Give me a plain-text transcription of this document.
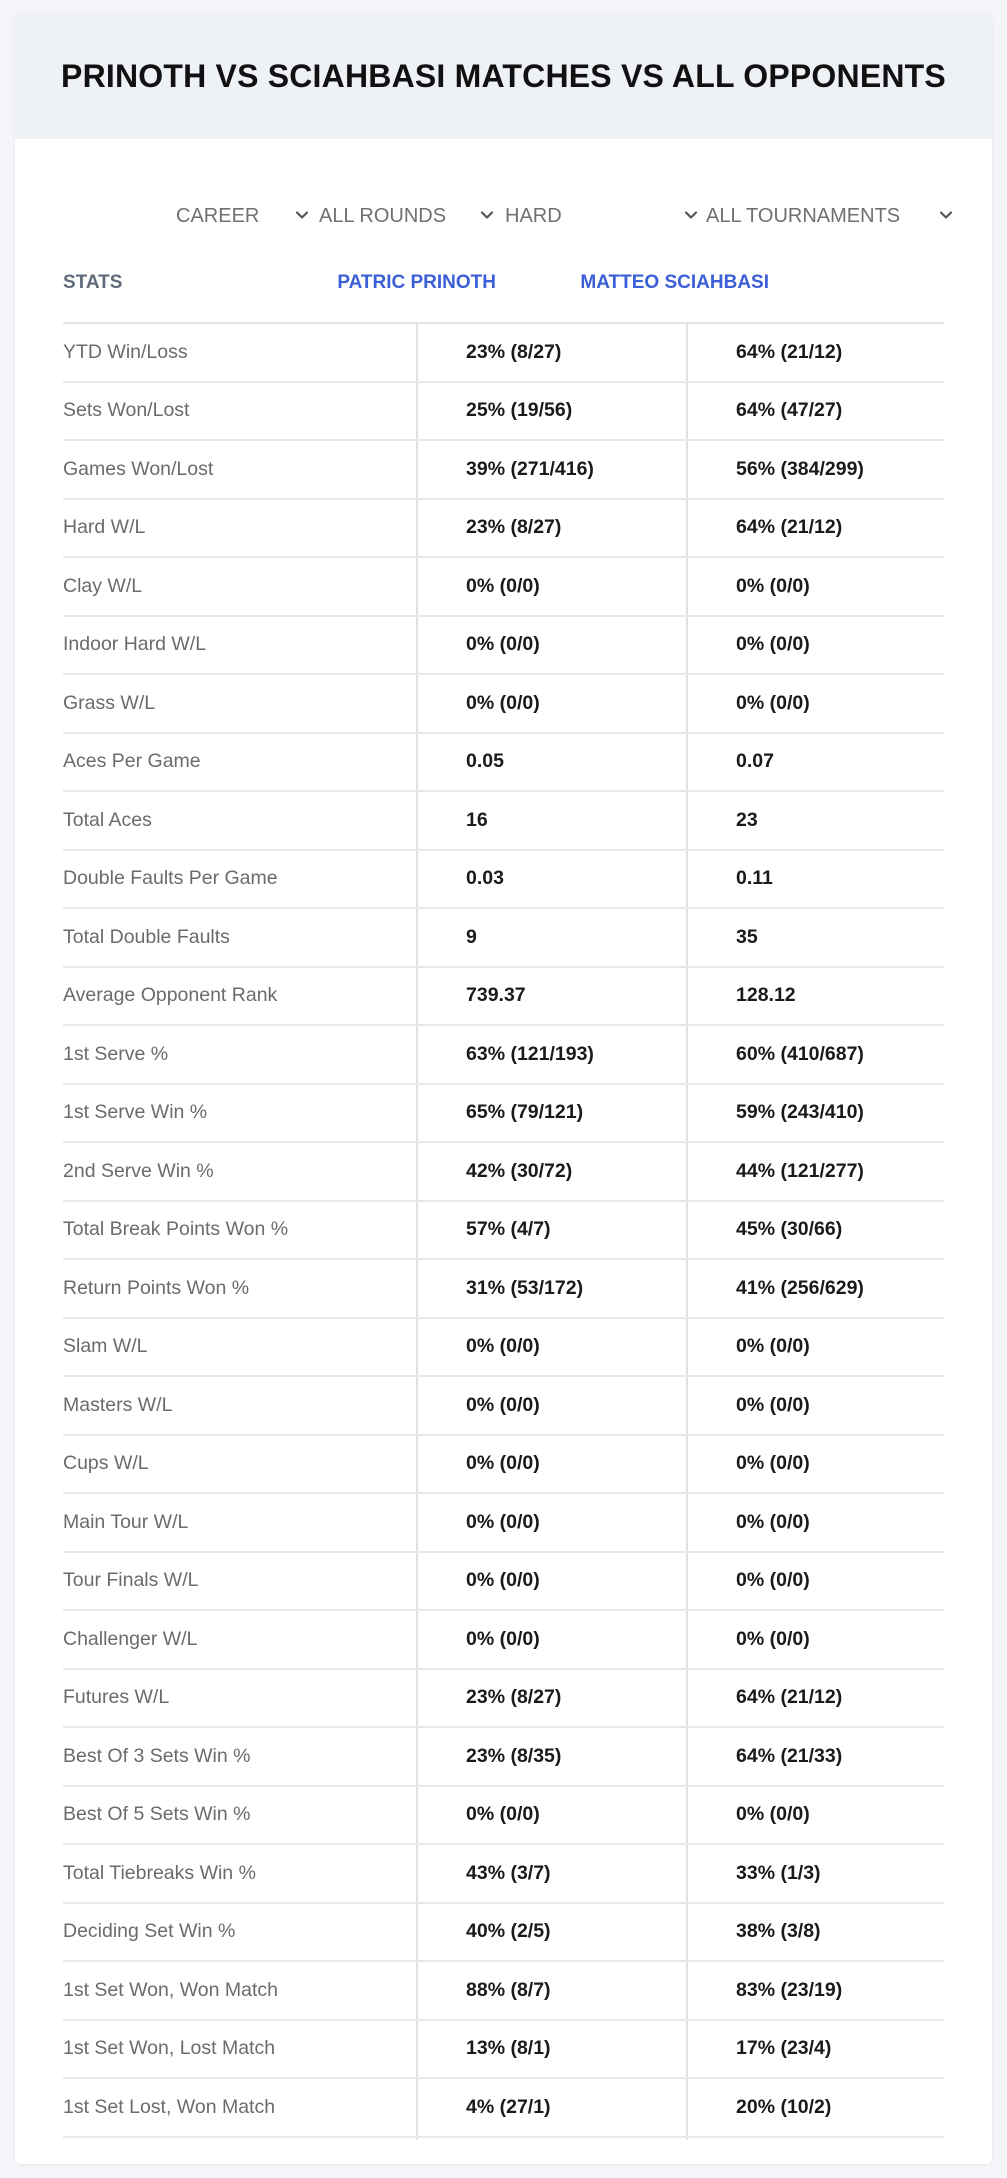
PRINOTH VS SCIAHBASI MATCHES VS ALL OPPONENTS
CAREER	ALL ROUNDS	HARD	ALL TOURNAMENTS
STATS	PATRIC PRINOTH	MATTEO SCIAHBASI
YTD Win/Loss	23% (8/27)	64% (21/12)
Sets Won/Lost	25% (19/56)	64% (47/27)
Games Won/Lost	39% (271/416)	56% (384/299)
Hard W/L	23% (8/27)	64% (21/12)
Clay W/L	0% (0/0)	0% (0/0)
Indoor Hard W/L	0% (0/0)	0% (0/0)
Grass W/L	0% (0/0)	0% (0/0)
Aces Per Game	0.05	0.07
Total Aces	16	23
Double Faults Per Game	0.03	0.11
Total Double Faults	9	35
Average Opponent Rank	739.37	128.12
1st Serve %	63% (121/193)	60% (410/687)
1st Serve Win %	65% (79/121)	59% (243/410)
2nd Serve Win %	42% (30/72)	44% (121/277)
Total Break Points Won %	57% (4/7)	45% (30/66)
Return Points Won %	31% (53/172)	41% (256/629)
Slam W/L	0% (0/0)	0% (0/0)
Masters W/L	0% (0/0)	0% (0/0)
Cups W/L	0% (0/0)	0% (0/0)
Main Tour W/L	0% (0/0)	0% (0/0)
Tour Finals W/L	0% (0/0)	0% (0/0)
Challenger W/L	0% (0/0)	0% (0/0)
Futures W/L	23% (8/27)	64% (21/12)
Best Of 3 Sets Win %	23% (8/35)	64% (21/33)
Best Of 5 Sets Win %	0% (0/0)	0% (0/0)
Total Tiebreaks Win %	43% (3/7)	33% (1/3)
Deciding Set Win %	40% (2/5)	38% (3/8)
1st Set Won, Won Match	88% (8/7)	83% (23/19)
1st Set Won, Lost Match	13% (8/1)	17% (23/4)
1st Set Lost, Won Match	4% (27/1)	20% (10/2)
